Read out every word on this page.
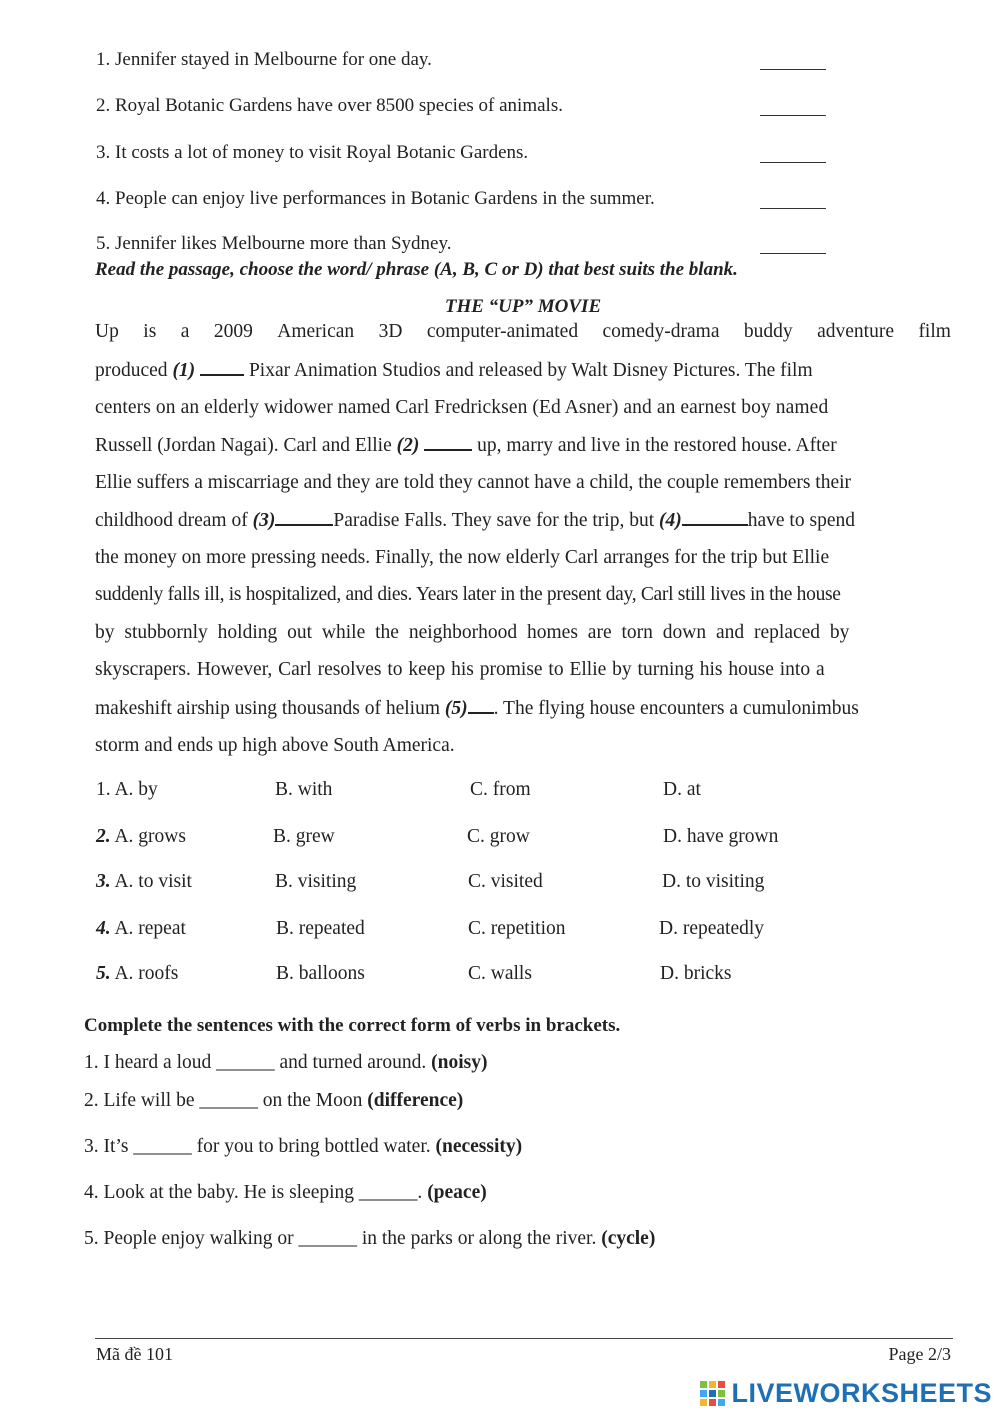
1. Jennifer stayed in Melbourne for one day.
2. Royal Botanic Gardens have over 8500 species of animals.
3. It costs a lot of money to visit Royal Botanic Gardens.
4. People can enjoy live performances in Botanic Gardens in the summer.
5. Jennifer likes Melbourne more than Sydney.
Read the passage, choose the word/ phrase (A, B, C or D) that best suits the blank.
THE “UP” MOVIE
Up is a 2009 American 3D computer-animated comedy-drama buddy adventure film
produced (1)	Pixar Animation Studios and released by Walt Disney Pictures. The film
centers on an elderly widower named Carl Fredricksen (Ed Asner) and an earnest boy named
Russell (Jordan Nagai). Carl and Ellie (2)	up, marry and live in the restored house. After
Ellie suffers a miscarriage and they are told they cannot have a child, the couple remembers their
childhood dream of (3)	Paradise Falls. They save for the trip, but (4)	have to spend
the money on more pressing needs. Finally, the now elderly Carl arranges for the trip but Ellie
suddenly falls ill, is hospitalized, and dies. Years later in the present day, Carl still lives in the house
by stubbornly holding out while the neighborhood homes are torn down and replaced by
skyscrapers. However, Carl resolves to keep his promise to Ellie by turning his house into a
makeshift airship using thousands of helium (5) . The flying house encounters a cumulonimbus
storm and ends up high above South America.
1. A. by	B. with	C. from	D. at
2. A. grows	B. grew	C. grow	D. have grown
3. A. to visit	B. visiting	C. visited	D. to visiting
4. A. repeat	B. repeated	C. repetition	D. repeatedly
5. A. roofs	B. balloons	C. walls	D. bricks
Complete the sentences with the correct form of verbs in brackets.
1. I heard a loud ______ and turned around. (noisy)
2. Life will be ______ on the Moon (difference)
3. It’s ______ for you to bring bottled water. (necessity)
4. Look at the baby. He is sleeping ______. (peace)
5. People enjoy walking or ______ in the parks or along the river. (cycle)
Mã đề 101	Page 2/3
LIVEWORKSHEETS
